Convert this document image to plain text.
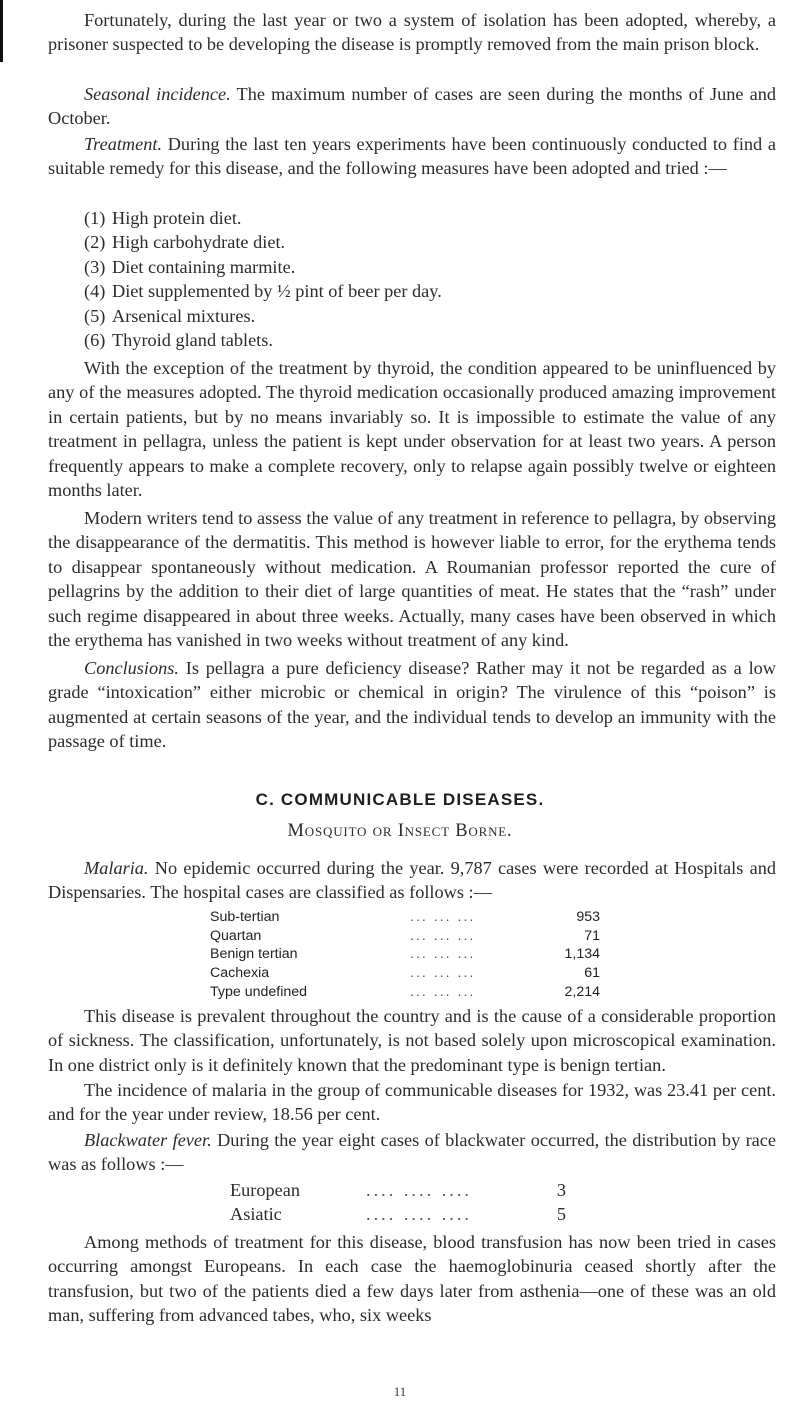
Fortunately, during the last year or two a system of isolation has been adopted, whereby, a prisoner suspected to be developing the disease is promptly removed from the main prison block.

Seasonal incidence. The maximum number of cases are seen during the months of June and October.

Treatment. During the last ten years experiments have been continuously conducted to find a suitable remedy for this disease, and the following measures have been adopted and tried :—

(1) High protein diet.
(2) High carbohydrate diet.
(3) Diet containing marmite.
(4) Diet supplemented by ½ pint of beer per day.
(5) Arsenical mixtures.
(6) Thyroid gland tablets.

With the exception of the treatment by thyroid, the condition appeared to be uninfluenced by any of the measures adopted. The thyroid medication occasionally produced amazing improvement in certain patients, but by no means invariably so. It is impossible to estimate the value of any treatment in pellagra, unless the patient is kept under observation for at least two years. A person frequently appears to make a complete recovery, only to relapse again possibly twelve or eighteen months later.

Modern writers tend to assess the value of any treatment in reference to pellagra, by observing the disappearance of the dermatitis. This method is however liable to error, for the erythema tends to disappear spontaneously without medication. A Roumanian professor reported the cure of pellagrins by the addition to their diet of large quantities of meat. He states that the “rash” under such regime disappeared in about three weeks. Actually, many cases have been observed in which the erythema has vanished in two weeks without treatment of any kind.

Conclusions. Is pellagra a pure deficiency disease? Rather may it not be regarded as a low grade “intoxication” either microbic or chemical in origin? The virulence of this “poison” is augmented at certain seasons of the year, and the individual tends to develop an immunity with the passage of time.

C. COMMUNICABLE DISEASES.
Mosquito or Insect Borne.

Malaria. No epidemic occurred during the year. 9,787 cases were recorded at Hospitals and Dispensaries. The hospital cases are classified as follows :—

Sub-tertian	... ... ...	953
Quartan	... ... ...	71
Benign tertian	... ... ...	1,134
Cachexia	... ... ...	61
Type undefined	... ... ...	2,214

This disease is prevalent throughout the country and is the cause of a considerable proportion of sickness. The classification, unfortunately, is not based solely upon microscopical examination. In one district only is it definitely known that the predominant type is benign tertian.

The incidence of malaria in the group of communicable diseases for 1932, was 23.41 per cent. and for the year under review, 18.56 per cent.

Blackwater fever. During the year eight cases of blackwater occurred, the distribution by race was as follows :—

European	.... .... ....	3
Asiatic	.... .... ....	5

Among methods of treatment for this disease, blood transfusion has now been tried in cases occurring amongst Europeans. In each case the haemoglobinuria ceased shortly after the transfusion, but two of the patients died a few days later from asthenia—one of these was an old man, suffering from advanced tabes, who, six weeks

11
